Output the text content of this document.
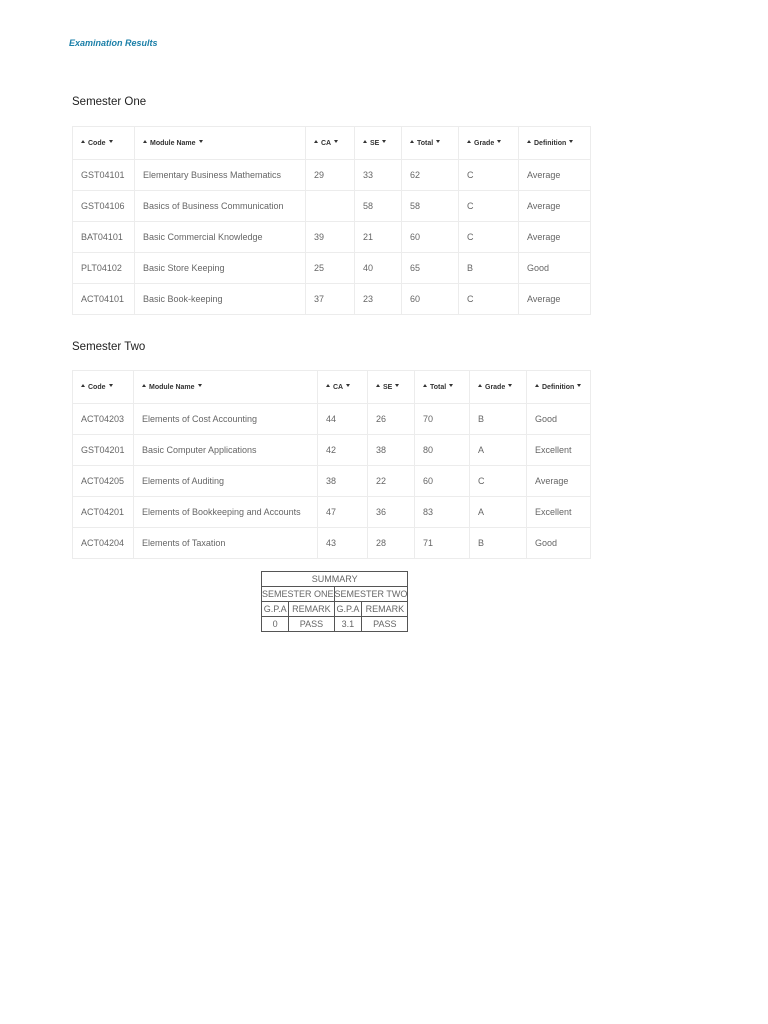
Examination Results
Semester One
Code	Module Name	CA	SE	Total	Grade	Definition
GST04101	Elementary Business Mathematics	29	33	62	C	Average
GST04106	Basics of Business Communication		58	58	C	Average
BAT04101	Basic Commercial Knowledge	39	21	60	C	Average
PLT04102	Basic Store Keeping	25	40	65	B	Good
ACT04101	Basic Book-keeping	37	23	60	C	Average
Semester Two
Code	Module Name	CA	SE	Total	Grade	Definition
ACT04203	Elements of Cost Accounting	44	26	70	B	Good
GST04201	Basic Computer Applications	42	38	80	A	Excellent
ACT04205	Elements of Auditing	38	22	60	C	Average
ACT04201	Elements of Bookkeeping and Accounts	47	36	83	A	Excellent
ACT04204	Elements of Taxation	43	28	71	B	Good
SUMMARY			
SEMESTER ONE		SEMESTER TWO	
G.P.A	REMARK	G.P.A	REMARK
0	PASS	3.1	PASS
